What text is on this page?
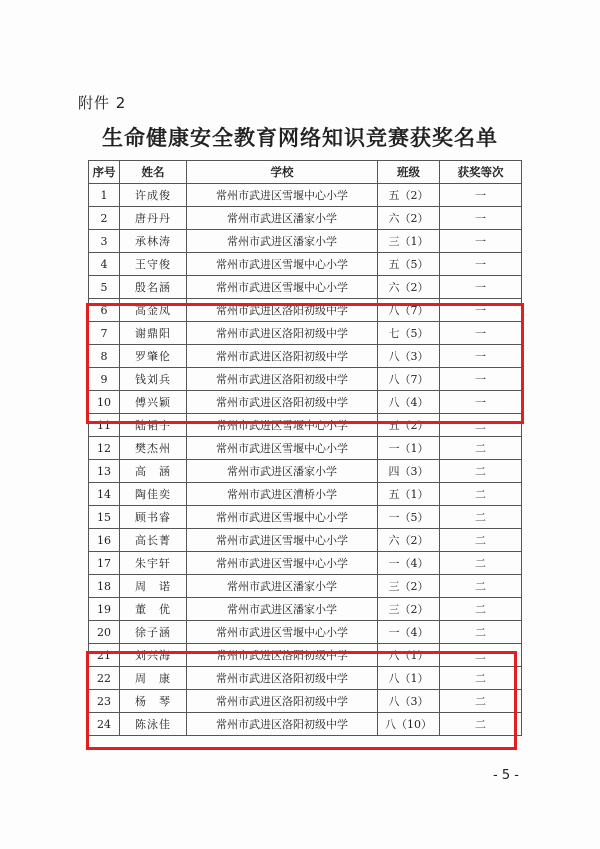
附件 2
生命健康安全教育网络知识竞赛获奖名单
序号	姓名	学校	班级	获奖等次
1	许成俊	常州市武进区雪堰中心小学	五（2）	一
2	唐丹丹	常州市武进区潘家小学	六（2）	一
3	承林涛	常州市武进区潘家小学	三（1）	一
4	王守俊	常州市武进区雪堰中心小学	五（5）	一
5	殷名涵	常州市武进区雪堰中心小学	六（2）	一
6	高金凤	常州市武进区洛阳初级中学	八（7）	一
7	谢鼎阳	常州市武进区洛阳初级中学	七（5）	一
8	罗肇伦	常州市武进区洛阳初级中学	八（3）	一
9	钱刘兵	常州市武进区洛阳初级中学	八（7）	一
10	傅兴颖	常州市武进区洛阳初级中学	八（4）	一
11	陆韬宇	常州市武进区雪堰中心小学	五（2）	二
12	樊杰州	常州市武进区雪堰中心小学	一（1）	二
13	高　涵	常州市武进区潘家小学	四（3）	二
14	陶佳奕	常州市武进区漕桥小学	五（1）	二
15	顾书睿	常州市武进区雪堰中心小学	一（5）	二
16	高长菁	常州市武进区雪堰中心小学	六（2）	二
17	朱宇轩	常州市武进区雪堰中心小学	一（4）	二
18	周　诺	常州市武进区潘家小学	三（2）	二
19	董　优	常州市武进区潘家小学	三（2）	二
20	徐子涵	常州市武进区雪堰中心小学	一（4）	二
21	刘兴海	常州市武进区洛阳初级中学	八（1）	二
22	周　康	常州市武进区洛阳初级中学	八（1）	二
23	杨　琴	常州市武进区洛阳初级中学	八（3）	二
24	陈泳佳	常州市武进区洛阳初级中学	八（10）	二
- 5 -
